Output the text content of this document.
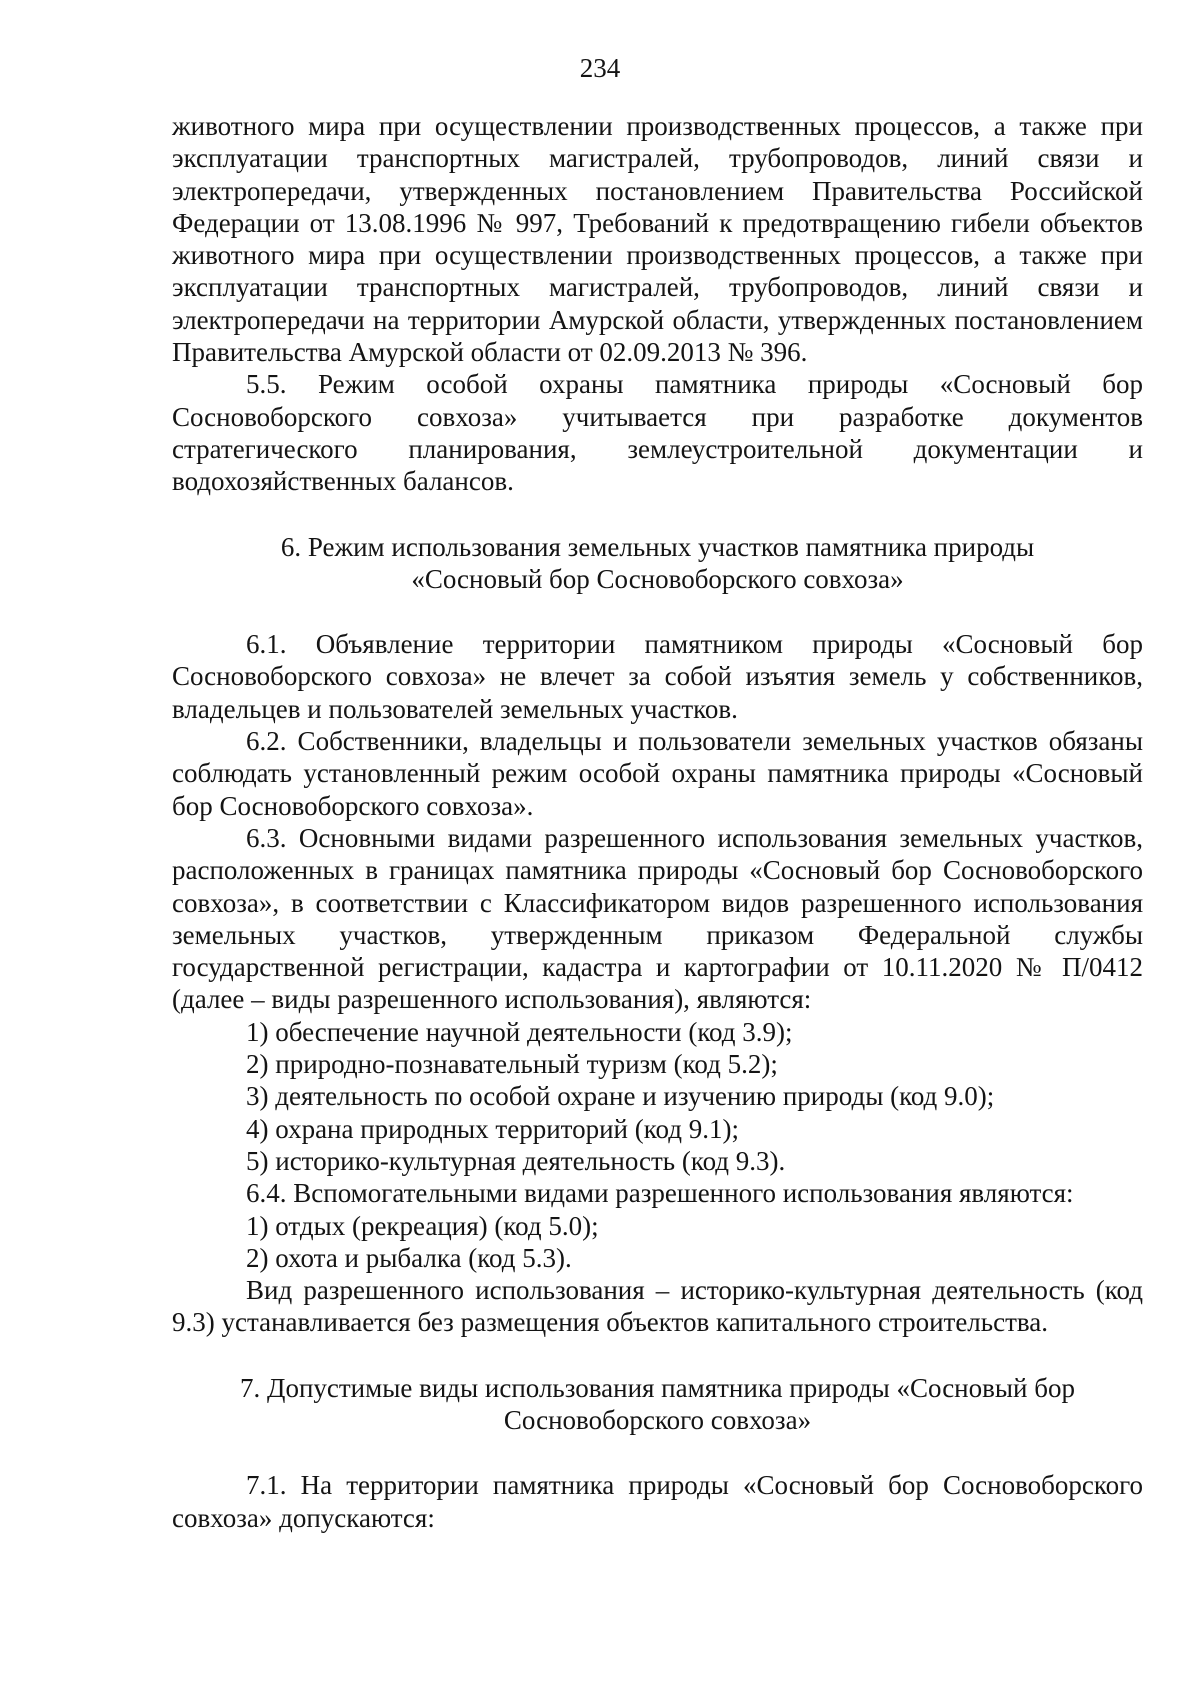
234

животного мира при осуществлении производственных процессов, а также при эксплуатации транспортных магистралей, трубопроводов, линий связи и электропередачи, утвержденных постановлением Правительства Российской Федерации от 13.08.1996 № 997, Требований к предотвращению гибели объектов животного мира при осуществлении производственных процессов, а также при эксплуатации транспортных магистралей, трубопроводов, линий связи и электропередачи на территории Амурской области, утвержденных постановлением Правительства Амурской области от 02.09.2013 № 396.

5.5. Режим особой охраны памятника природы «Сосновый бор Сосновоборского совхоза» учитывается при разработке документов стратегического планирования, землеустроительной документации и водохозяйственных балансов.

6. Режим использования земельных участков памятника природы

«Сосновый бор Сосновоборского совхоза»

6.1. Объявление территории памятником природы «Сосновый бор Сосновоборского совхоза» не влечет за собой изъятия земель у собственников, владельцев и пользователей земельных участков.

6.2. Собственники, владельцы и пользователи земельных участков обязаны соблюдать установленный режим особой охраны памятника природы «Сосновый бор Сосновоборского совхоза».

6.3. Основными видами разрешенного использования земельных участков, расположенных в границах памятника природы «Сосновый бор Сосновоборского совхоза», в соответствии с Классификатором видов разрешенного использования земельных участков, утвержденным приказом Федеральной службы государственной регистрации, кадастра и картографии от 10.11.2020 № П/0412 (далее – виды разрешенного использования), являются:

1) обеспечение научной деятельности (код 3.9);

2) природно-познавательный туризм (код 5.2);

3) деятельность по особой охране и изучению природы (код 9.0);

4) охрана природных территорий (код 9.1);

5) историко-культурная деятельность (код 9.3).

6.4. Вспомогательными видами разрешенного использования являются:

1) отдых (рекреация) (код 5.0);

2) охота и рыбалка (код 5.3).

Вид разрешенного использования – историко-культурная деятельность (код 9.3) устанавливается без размещения объектов капитального строительства.

7. Допустимые виды использования памятника природы «Сосновый бор

Сосновоборского совхоза»

7.1. На территории памятника природы «Сосновый бор Сосновоборского совхоза» допускаются:
